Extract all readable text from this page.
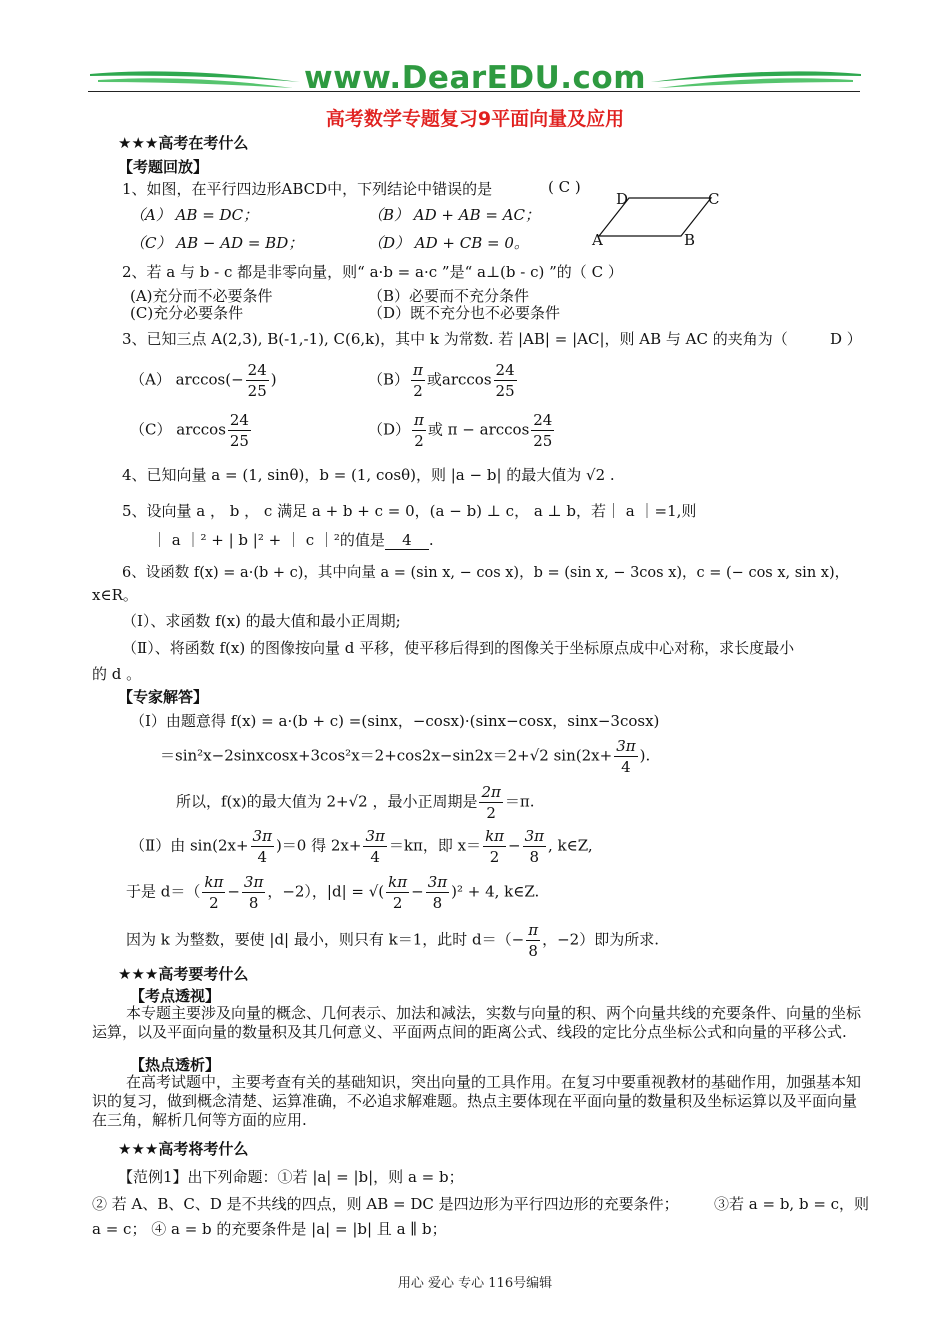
www.DearEDU.com
高考数学专题复习9平面向量及应用
★★★高考在考什么
【考题回放】
1、如图，在平行四边形ABCD中，下列结论中错误的是	( C )
（A） AB = DC；	（B） AD + AB = AC；
（C） AB − AD = BD；	（D） AD + CB = 0。
D	C
A	B
2、若 a 与 b - c 都是非零向量，则“ a·b = a·c ”是“ a⊥(b - c) ”的（ C ）
(A)充分而不必要条件	（B）必要而不充分条件
(C)充分必要条件	（D）既不充分也不必要条件
3、已知三点 A(2,3), B(-1,-1), C(6,k)，其中 k 为常数. 若 |AB| = |AC|，则 AB 与 AC 的夹角为（	D ）
（A） $\arccos(- \frac{24}{25}$ )	$(B) \frac{\pi}{2}$ 或$\arccos \frac{24}{25}$
（C） $\arccos \frac{24}{25}$	$(D) \frac{\pi}{2}$ 或 $\pi - \arccos \frac{24}{25}$
4、已知向量 a = (1, sinθ)，b = (1, cosθ)，则 |a − b| 的最大值为 √2 .
5、设向量 a ， b ， c 满足 a + b + c = 0，(a − b) ⊥ c， a ⊥ b，若｜ a ｜=1,则
｜ a ｜² + | b |² + ｜ c ｜²的值是 4 .
6、设函数 f(x) = a·(b + c)，其中向量 a = (sin x, − cos x)，b = (sin x, − 3cos x)，c = (− cos x, sin x)，
x∈R。
（Ⅰ）、求函数 f(x) 的最大值和最小正周期;
（Ⅱ）、将函数 f(x) 的图像按向量 d 平移，使平移后得到的图像关于坐标原点成中心对称，求长度最小
的 d 。
【专家解答】
（Ⅰ）由题意得 f(x) = a·(b + c) =(sinx，−cosx)·(sinx−cosx，sinx−3cosx)
＝sin²x−2sinxcosx+3cos²x＝2+cos2x−sin2x＝2+√2 $\sin(2x+ \frac{3\pi}{4}$ ).
所以，f(x)的最大值为 2+√2 ，最小正周期是 $\frac{2\pi}{2} =\pi$.
（Ⅱ）由 $\sin(2x+ \frac{3\pi}{4} )=0$ 得 $2x+ \frac{3\pi}{4} =k\pi$，即 $x= \frac{k\pi}{2} - \frac{3\pi}{8}$ , k∈Z,
于是 $d=( \frac{k\pi}{2} - \frac{3\pi}{8}$ ，−2），|d| = √( $\frac{k\pi}{2} - \frac{3\pi}{8} )^2 + 4$, k∈Z.
因为 k 为整数，要使 |d| 最小，则只有 k＝1，此时 $d=(- \frac{\pi}{8}$ ，−2）即为所求.
★★★高考要考什么
【考点透视】
本专题主要涉及向量的概念、几何表示、加法和减法，实数与向量的积、两个向量共线的充要条件、向量的坐标运算，以及平面向量的数量积及其几何意义、平面两点间的距离公式、线段的定比分点坐标公式和向量的平移公式.
【热点透析】
在高考试题中，主要考查有关的基础知识，突出向量的工具作用。在复习中要重视教材的基础作用，加强基本知识的复习，做到概念清楚、运算准确，不必追求解难题。热点主要体现在平面向量的数量积及坐标运算以及平面向量在三角，解析几何等方面的应用.
★★★高考将考什么
【范例1】出下列命题：①若 |a| = |b|，则 a = b；
② 若 A、B、C、D 是不共线的四点，则 AB = DC 是四边形为平行四边形的充要条件； ③若 a = b, b = c，则
a = c； ④ a = b 的充要条件是 |a| = |b| 且 a ∥ b；
用心 爱心 专心 116号编辑
